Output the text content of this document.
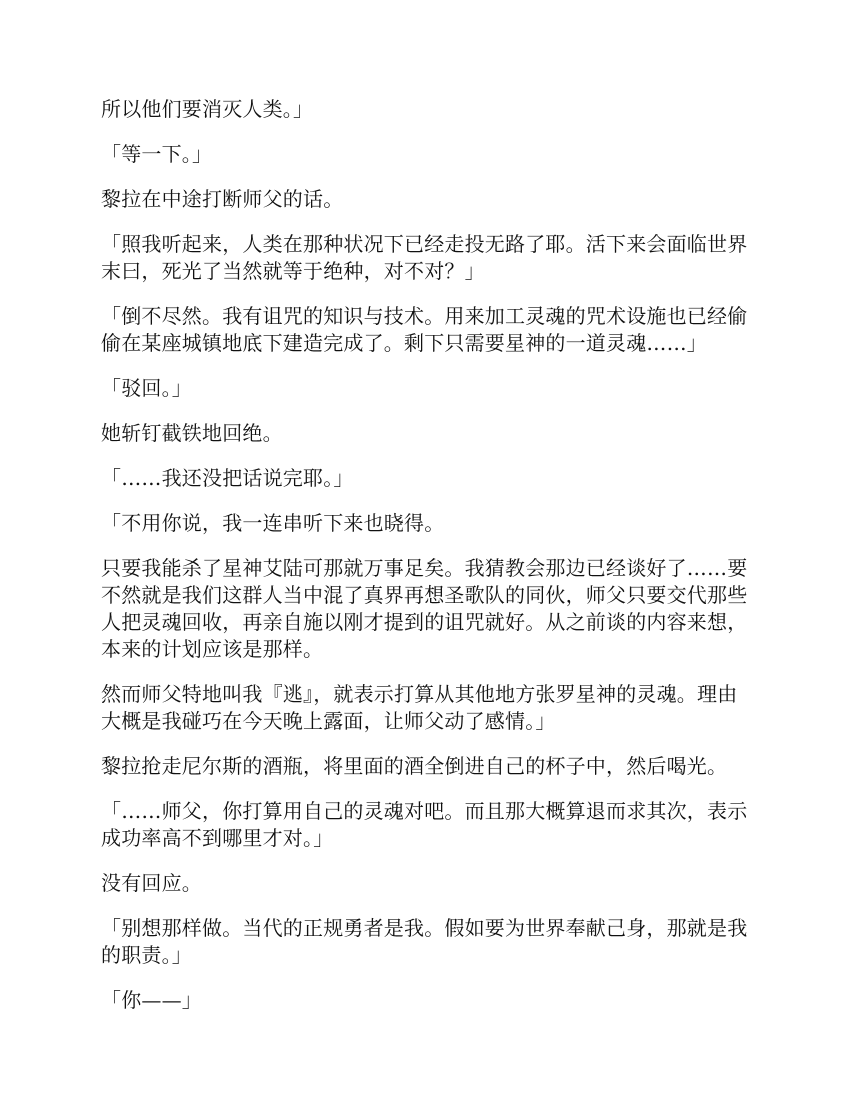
所以他们要消灭人类。」

「等一下。」

黎拉在中途打断师父的话。

「照我听起来，人类在那种状况下已经走投无路了耶。活下来会面临世界末曰，死光了当然就等于绝种，对不对？」

「倒不尽然。我有诅咒的知识与技术。用来加工灵魂的咒术设施也已经偷偷在某座城镇地底下建造完成了。剩下只需要星神的一道灵魂……」

「驳回。」

她斩钉截铁地回绝。

「……我还没把话说完耶。」

「不用你说，我一连串听下来也晓得。

只要我能杀了星神艾陆可那就万事足矣。我猜教会那边已经谈好了……要不然就是我们这群人当中混了真界再想圣歌队的同伙，师父只要交代那些人把灵魂回收，再亲自施以刚才提到的诅咒就好。从之前谈的内容来想，本来的计划应该是那样。

然而师父特地叫我『逃』，就表示打算从其他地方张罗星神的灵魂。理由大概是我碰巧在今天晚上露面，让师父动了感情。」

黎拉抢走尼尔斯的酒瓶，将里面的酒全倒进自己的杯子中，然后喝光。

「……师父，你打算用自己的灵魂对吧。而且那大概算退而求其次，表示成功率高不到哪里才对。」

没有回应。

「别想那样做。当代的正规勇者是我。假如要为世界奉献己身，那就是我的职责。」

「你——」
